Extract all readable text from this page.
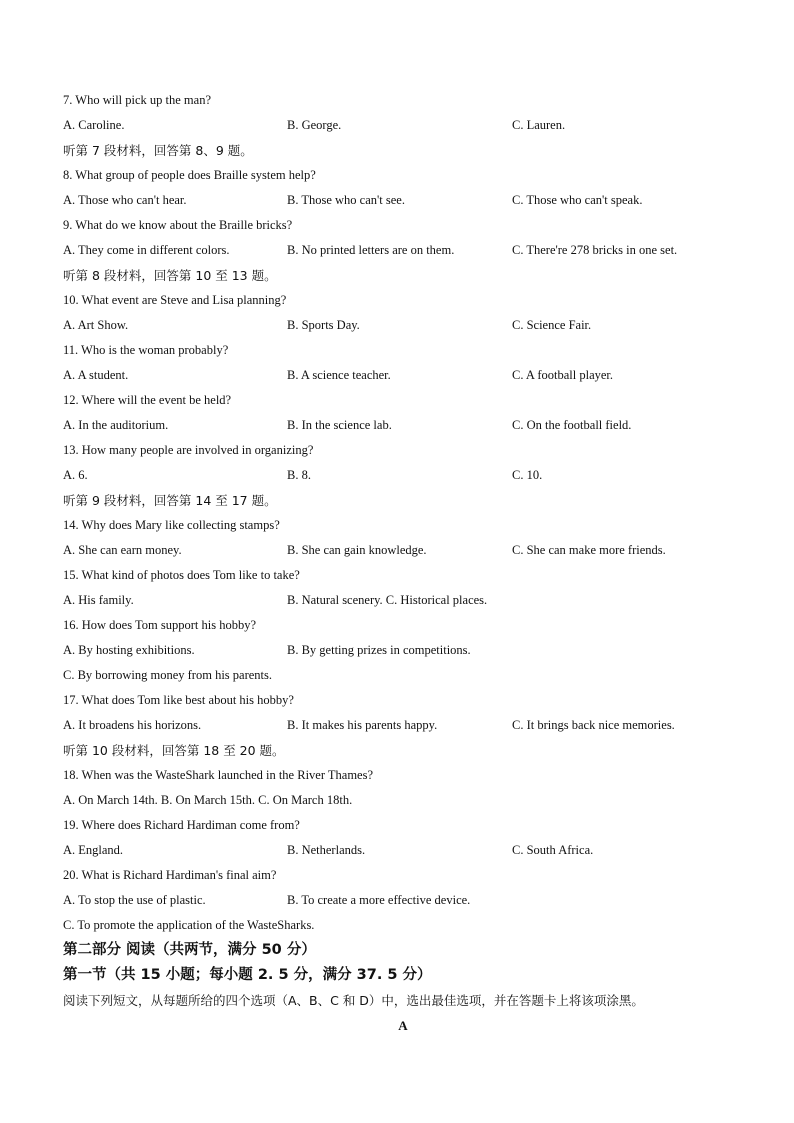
7. Who will pick up the man?
A. Caroline.	B. George.	C. Lauren.
听第 7 段材料，回答第 8、9 题。
8. What group of people does Braille system help?
A. Those who can't hear.	B. Those who can't see.	C. Those who can't speak.
9. What do we know about the Braille bricks?
A. They come in different colors.	B. No printed letters are on them.	C. There're 278 bricks in one set.
听第 8 段材料，回答第 10 至 13 题。
10. What event are Steve and Lisa planning?
A. Art Show.	B. Sports Day.	C. Science Fair.
11. Who is the woman probably?
A. A student.	B. A science teacher.	C. A football player.
12. Where will the event be held?
A. In the auditorium.	B. In the science lab.	C. On the football field.
13. How many people are involved in organizing?
A. 6.	B. 8.	C. 10.
听第 9 段材料，回答第 14 至 17 题。
14. Why does Mary like collecting stamps?
A. She can earn money.	B. She can gain knowledge.	C. She can make more friends.
15. What kind of photos does Tom like to take?
A. His family.	B. Natural scenery. C. Historical places.
16. How does Tom support his hobby?
A. By hosting exhibitions.	B. By getting prizes in competitions.
C. By borrowing money from his parents.
17. What does Tom like best about his hobby?
A. It broadens his horizons.	B. It makes his parents happy.	C. It brings back nice memories.
听第 10 段材料，回答第 18 至 20 题。
18. When was the WasteShark launched in the River Thames?
A. On March 14th. B. On March 15th. C. On March 18th.
19. Where does Richard Hardiman come from?
A. England.	B. Netherlands.	C. South Africa.
20. What is Richard Hardiman's final aim?
A. To stop the use of plastic.	B. To create a more effective device.
C. To promote the application of the WasteSharks.
第二部分 阅读（共两节，满分 50 分）
第一节（共 15 小题；每小题 2. 5 分，满分 37. 5 分）
阅读下列短文，从每题所给的四个选项（A、B、C 和 D）中，选出最佳选项，并在答题卡上将该项涂黑。
A
